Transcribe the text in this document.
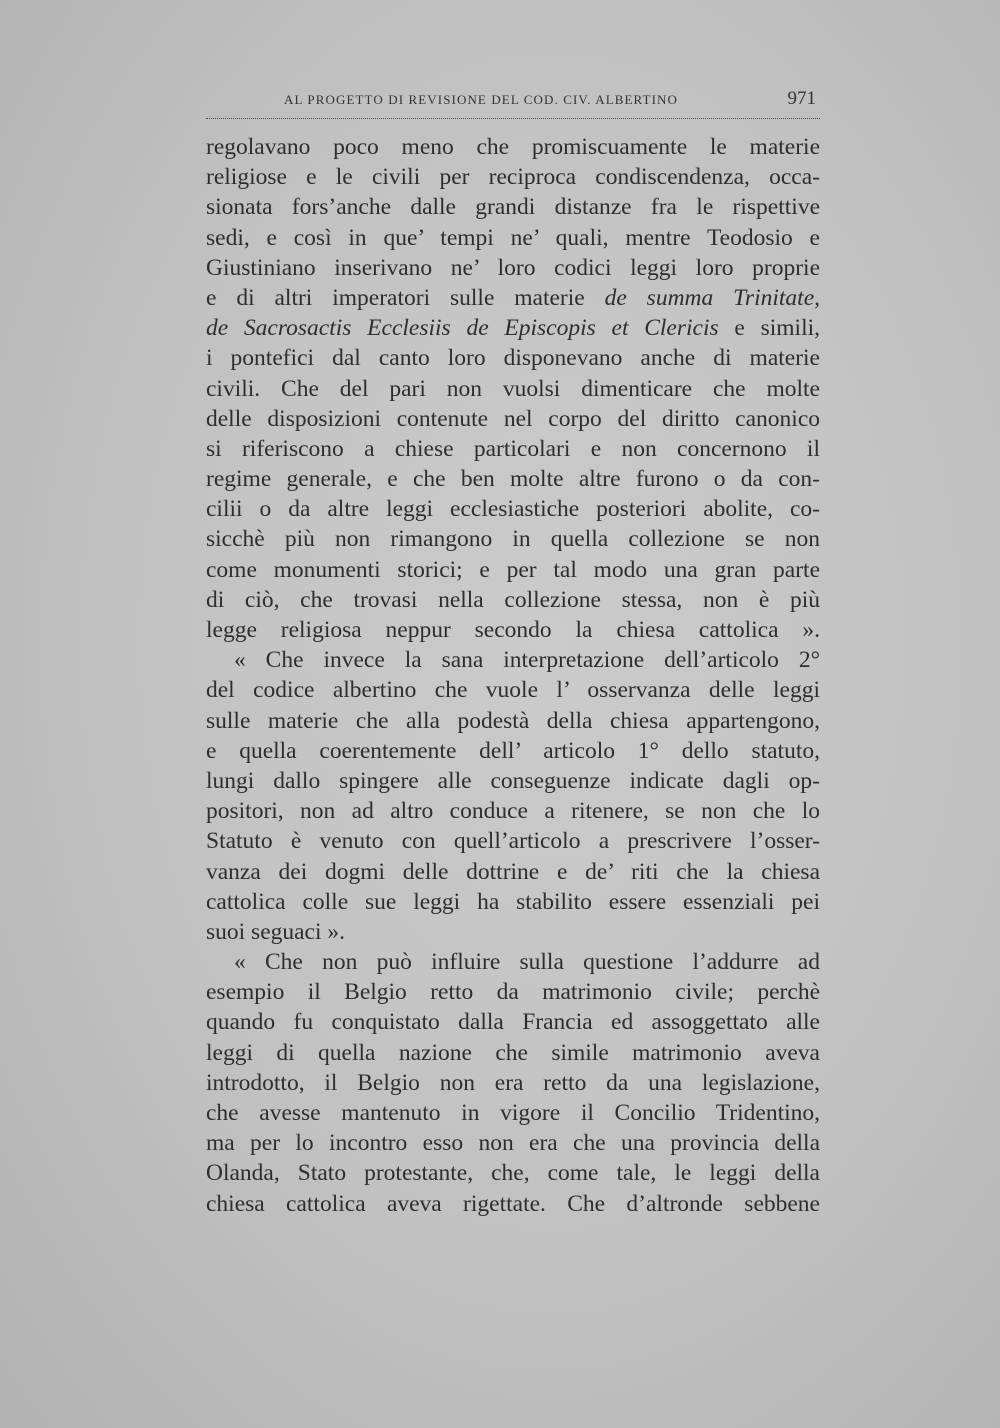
AL PROGETTO DI REVISIONE DEL COD. CIV. ALBERTINO	971
regolavano poco meno che promiscuamente le materie
religiose e le civili per reciproca condiscendenza, occa-
sionata fors’anche dalle grandi distanze fra le rispettive
sedi, e così in que’ tempi ne’ quali, mentre Teodosio e
Giustiniano inserivano ne’ loro codici leggi loro proprie
e di altri imperatori sulle materie de summa Trinitate,
de Sacrosactis Ecclesiis de Episcopis et Clericis e simili,
i pontefici dal canto loro disponevano anche di materie
civili. Che del pari non vuolsi dimenticare che molte
delle disposizioni contenute nel corpo del diritto canonico
si riferiscono a chiese particolari e non concernono il
regime generale, e che ben molte altre furono o da con-
cilii o da altre leggi ecclesiastiche posteriori abolite, co-
sicchè più non rimangono in quella collezione se non
come monumenti storici; e per tal modo una gran parte
di ciò, che trovasi nella collezione stessa, non è più
legge religiosa neppur secondo la chiesa cattolica ».
« Che invece la sana interpretazione dell’articolo 2°
del codice albertino che vuole l’ osservanza delle leggi
sulle materie che alla podestà della chiesa appartengono,
e quella coerentemente dell’ articolo 1° dello statuto,
lungi dallo spingere alle conseguenze indicate dagli op-
positori, non ad altro conduce a ritenere, se non che lo
Statuto è venuto con quell’articolo a prescrivere l’osser-
vanza dei dogmi delle dottrine e de’ riti che la chiesa
cattolica colle sue leggi ha stabilito essere essenziali pei
suoi seguaci ».
« Che non può influire sulla questione l’addurre ad
esempio il Belgio retto da matrimonio civile; perchè
quando fu conquistato dalla Francia ed assoggettato alle
leggi di quella nazione che simile matrimonio aveva
introdotto, il Belgio non era retto da una legislazione,
che avesse mantenuto in vigore il Concilio Tridentino,
ma per lo incontro esso non era che una provincia della
Olanda, Stato protestante, che, come tale, le leggi della
chiesa cattolica aveva rigettate. Che d’altronde sebbene
